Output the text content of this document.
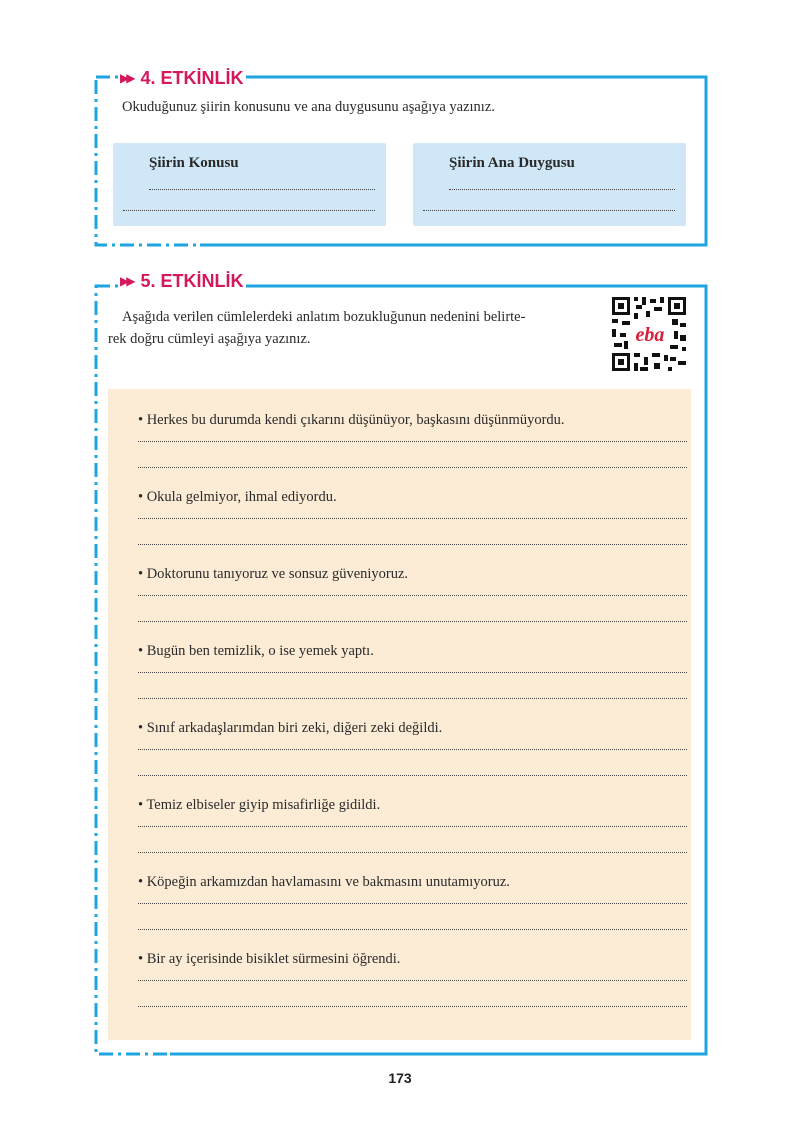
▶▶ 4. ETKİNLİK
Okuduğunuz şiirin konusunu ve ana duygusunu aşağıya yazınız.
Şiirin Konusu	Şiirin Ana Duygusu
▶▶ 5. ETKİNLİK
Aşağıda verilen cümlelerdeki anlatım bozukluğunun nedenini belirte-
rek doğru cümleyi aşağıya yazınız.	eba
• Herkes bu durumda kendi çıkarını düşünüyor, başkasını düşünmüyordu.
• Okula gelmiyor, ihmal ediyordu.
• Doktorunu tanıyoruz ve sonsuz güveniyoruz.
• Bugün ben temizlik, o ise yemek yaptı.
• Sınıf arkadaşlarımdan biri zeki, diğeri zeki değildi.
• Temiz elbiseler giyip misafirliğe gidildi.
• Köpeğin arkamızdan havlamasını ve bakmasını unutamıyoruz.
• Bir ay içerisinde bisiklet sürmesini öğrendi.
173
